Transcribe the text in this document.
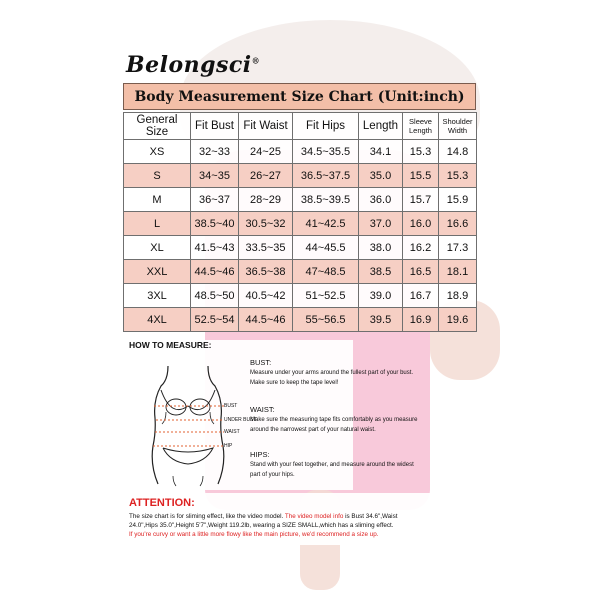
Belongsci®
Body Measurement Size Chart (Unit:inch)
General Size	Fit Bust	Fit Waist	Fit Hips	Length	Sleeve Length	Shoulder Width
XS	32~33	24~25	34.5~35.5	34.1	15.3	14.8
S	34~35	26~27	36.5~37.5	35.0	15.5	15.3
M	36~37	28~29	38.5~39.5	36.0	15.7	15.9
L	38.5~40	30.5~32	41~42.5	37.0	16.0	16.6
XL	41.5~43	33.5~35	44~45.5	38.0	16.2	17.3
XXL	44.5~46	36.5~38	47~48.5	38.5	16.5	18.1
3XL	48.5~50	40.5~42	51~52.5	39.0	16.7	18.9
4XL	52.5~54	44.5~46	55~56.5	39.5	16.9	19.6
HOW TO MEASURE:
BUST
UNDER BUST
WAIST
HIP
BUST:
Measure under your arms around the fullest part of your bust.
Make sure to keep the tape level!
WAIST:
Make sure the measuring tape fits comfortably as you measure
around the narrowest part of your natural waist.
HIPS:
Stand with your feet together, and measure around the widest
part of your hips.
ATTENTION:
The size chart is for sliming effect, like the video model. The video model info is Bust 34.6",Waist
24.0",Hips 35.0",Height 5'7",Weight 119.2lb, wearing a SIZE SMALL,which has a sliming effect.
If you're curvy or want a little more flowy like the main picture, we'd recommend a size up.
